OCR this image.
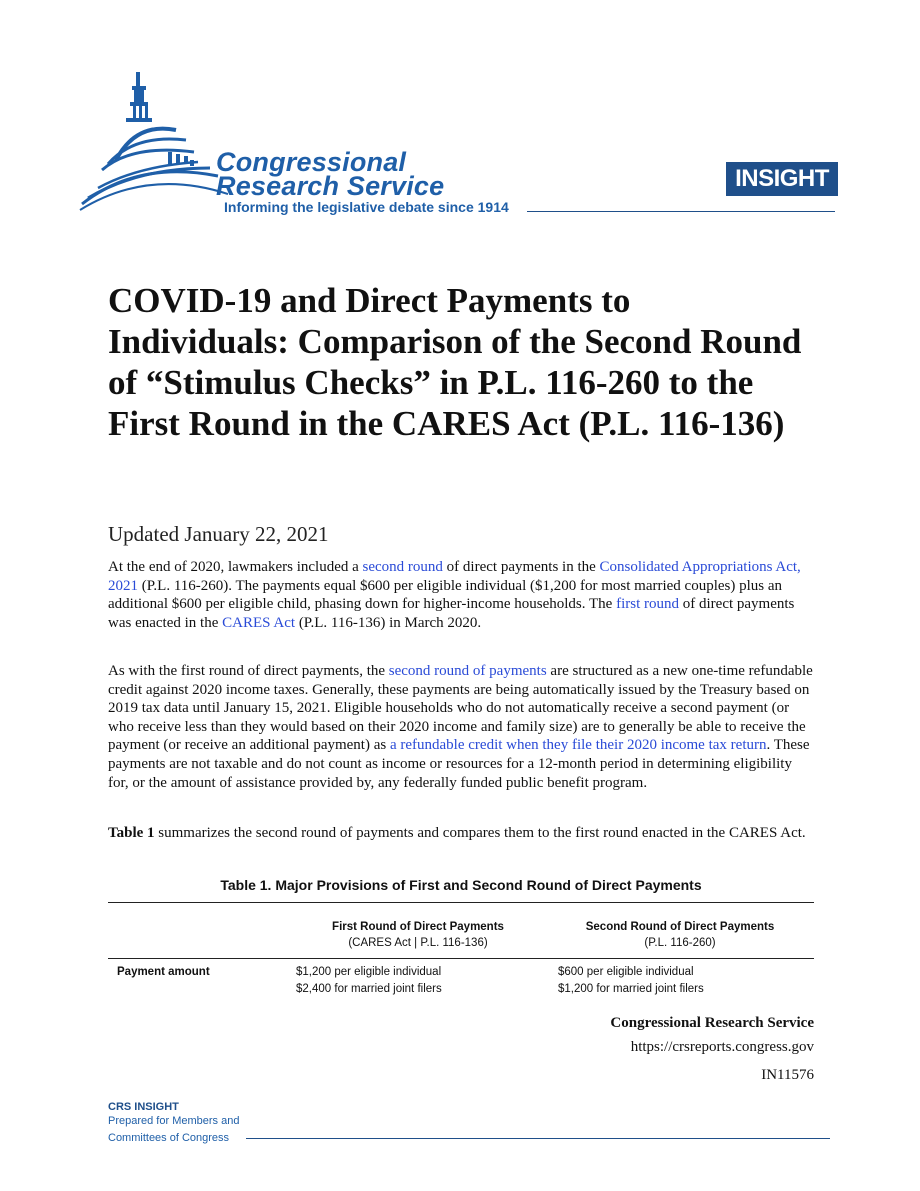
Congressional
Research Service
Informing the legislative debate since 1914
INSIGHT
COVID-19 and Direct Payments to Individuals: Comparison of the Second Round of “Stimulus Checks” in P.L. 116-260 to the First Round in the CARES Act (P.L. 116-136)
Updated January 22, 2021

At the end of 2020, lawmakers included a second round of direct payments in the Consolidated Appropriations Act, 2021 (P.L. 116-260). The payments equal $600 per eligible individual ($1,200 for most married couples) plus an additional $600 per eligible child, phasing down for higher-income households. The first round of direct payments was enacted in the CARES Act (P.L. 116-136) in March 2020.

As with the first round of direct payments, the second round of payments are structured as a new one-time refundable credit against 2020 income taxes. Generally, these payments are being automatically issued by the Treasury based on 2019 tax data until January 15, 2021. Eligible households who do not automatically receive a second payment (or who receive less than they would based on their 2020 income and family size) are to generally be able to receive the payment (or receive an additional payment) as a refundable credit when they file their 2020 income tax return. These payments are not taxable and do not count as income or resources for a 12-month period in determining eligibility for, or the amount of assistance provided by, any federally funded public benefit program.

Table 1 summarizes the second round of payments and compares them to the first round enacted in the CARES Act.

Table 1. Major Provisions of First and Second Round of Direct Payments
First Round of Direct Payments
(CARES Act | P.L. 116-136)
Second Round of Direct Payments
(P.L. 116-260)
Payment amount	$1,200 per eligible individual
$2,400 for married joint filers
$600 per eligible individual
$1,200 for married joint filers
Congressional Research Service
https://crsreports.congress.gov
IN11576
CRS INSIGHT
Prepared for Members and
Committees of Congress
